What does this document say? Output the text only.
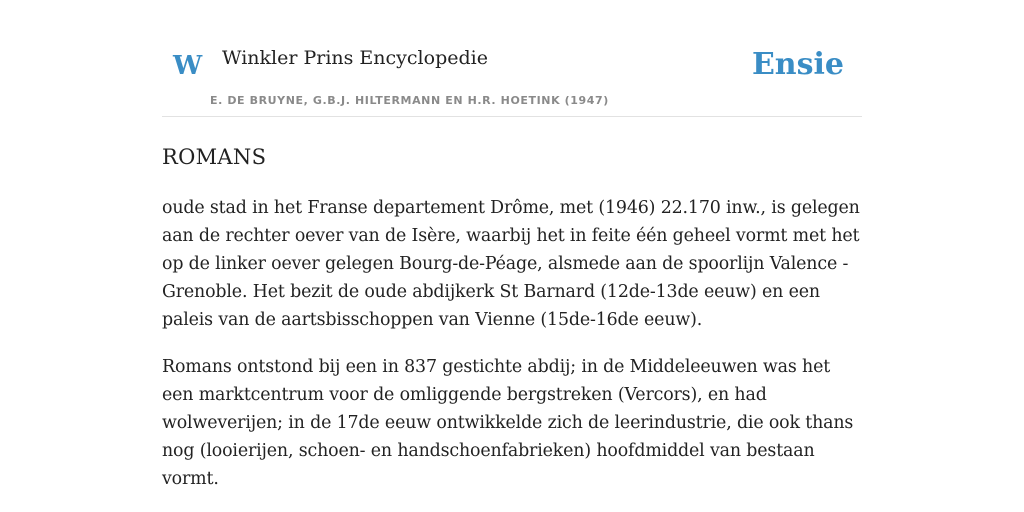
W Winkler Prins Encyclopedie
E. DE BRUYNE, G.B.J. HILTERMANN EN H.R. HOETINK (1947)
Ensie
ROMANS

oude stad in het Franse departement Drôme, met (1946) 22.170 inw., is gelegen aan de rechter oever van de Isère, waarbij het in feite één geheel vormt met het op de linker oever gelegen Bourg-de-Péage, alsmede aan de spoorlijn Valence - Grenoble. Het bezit de oude abdijkerk St Barnard (12de-13de eeuw) en een paleis van de aartsbisschoppen van Vienne (15de-16de eeuw).

Romans ontstond bij een in 837 gestichte abdij; in de Middeleeuwen was het een marktcentrum voor de omliggende bergstreken (Vercors), en had wolweverijen; in de 17de eeuw ontwikkelde zich de leerindustrie, die ook thans nog (looierijen, schoen- en handschoenfabrieken) hoofdmiddel van bestaan vormt.
